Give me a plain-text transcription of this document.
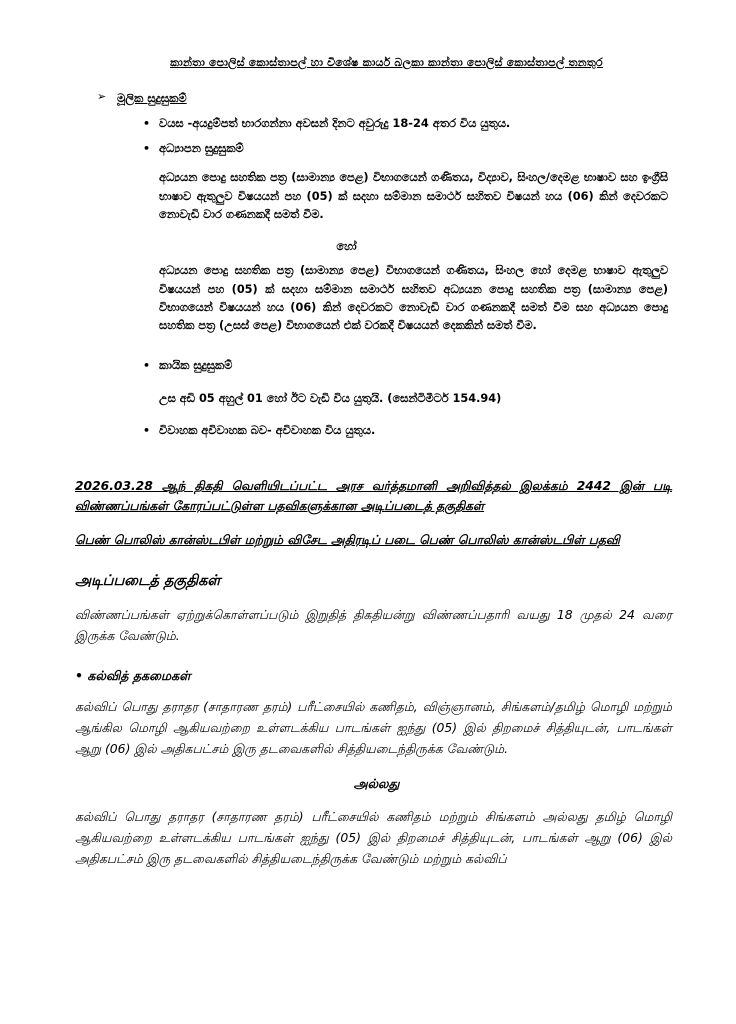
කාන්තා පොලිස් කොස්තාපල් හා විශේෂ කාර්ය බලකා කාන්තා පොලිස් කොස්තාපල් තනතුර
➢ මූලික සුදුසුකම්
• වයස -අයදුම්පත් භාරගන්නා අවසන් දිනට අවුරුදු 18-24 අතර විය යුතුය.
• අධ්‍යාපන සුදුසුකම්
අධ්‍යයන පොදු සහතික පත්‍ර (සාමාන්‍ය පෙළ) විභාගයෙන් ගණිතය, විද්‍යාව, සිංහල/දෙමළ භාෂාව සහ ඉංග්‍රීසි භාෂාව ඇතුලුව විෂයයන් පහ (05) ක් සදහා සම්මාන සමාර්ථ සහිතව විෂයන් හය (06) කින් දෙවරකට නොවැඩි වාර ගණනකදී සමත් වීම.
හෝ
අධ්‍යයන පොදු සහතික පත්‍ර (සාමාන්‍ය පෙළ) විභාගයෙන් ගණිතය, සිංහල හෝ දෙමළ භාෂාව ඇතුලුව විෂයයන් පහ (05) ක් සදහා සම්මාන සමාර්ථ සහිතව අධ්‍යයන පොදු සහතික පත්‍ර (සාමාන්‍ය පෙළ) විභාගයෙන් විෂයයන් හය (06) කින් දෙවරකට නොවැඩි වාර ගණනකදී සමත් වීම සහ අධ්‍යයන පොදු සහතික පත්‍ර (උසස් පෙළ) විභාගයෙන් එක් වරකදී විෂයයන් දෙකකින් සමත් වීම.
• කායික සුදුසුකම්
උස අඩි 05 අහුල් 01 හෝ ඊට වැඩි විය යුතුයි. (සෙන්ටිමීටර් 154.94)
• විවාහක අවිවාහක බව- අවිවාහක විය යුතුය.
2026.03.28 ஆந் திகதி வெளியிடப்பட்ட அரச வர்த்தமானி அறிவித்தல் இலக்கம் 2442 இன் படி விண்ணப்பங்கள் கோரப்பட்டுள்ள பதவிகளுக்கான அடிப்படைத் தகுதிகள்
பெண் பொலிஸ் கான்ஸ்டபிள் மற்றும் விசேட அதிரடிப் படை பெண் பொலிஸ் கான்ஸ்டபிள் பதவி
அடிப்படைத் தகுதிகள்
விண்ணப்பங்கள் ஏற்றுக்கொள்ளப்படும் இறுதித் திகதியன்று விண்ணப்பதாரி வயது 18 முதல் 24 வரை இருக்க வேண்டும்.
• கல்வித் தகமைகள்
கல்விப் பொது தராதர (சாதாரண தரம்) பரீட்சையில் கணிதம், விஞ்ஞானம், சிங்களம்/தமிழ் மொழி மற்றும் ஆங்கில மொழி ஆகியவற்றை உள்ளடக்கிய பாடங்கள் ஐந்து (05) இல் திறமைச் சித்தியுடன், பாடங்கள் ஆறு (06) இல் அதிகபட்சம் இரு தடவைகளில் சித்தியடைந்திருக்க வேண்டும்.
அல்லது
கல்விப் பொது தராதர (சாதாரண தரம்) பரீட்சையில் கணிதம் மற்றும் சிங்களம் அல்லது தமிழ் மொழி ஆகியவற்றை உள்ளடக்கிய பாடங்கள் ஐந்து (05) இல் திறமைச் சித்தியுடன், பாடங்கள் ஆறு (06) இல் அதிகபட்சம் இரு தடவைகளில் சித்தியடைந்திருக்க வேண்டும் மற்றும் கல்விப்
